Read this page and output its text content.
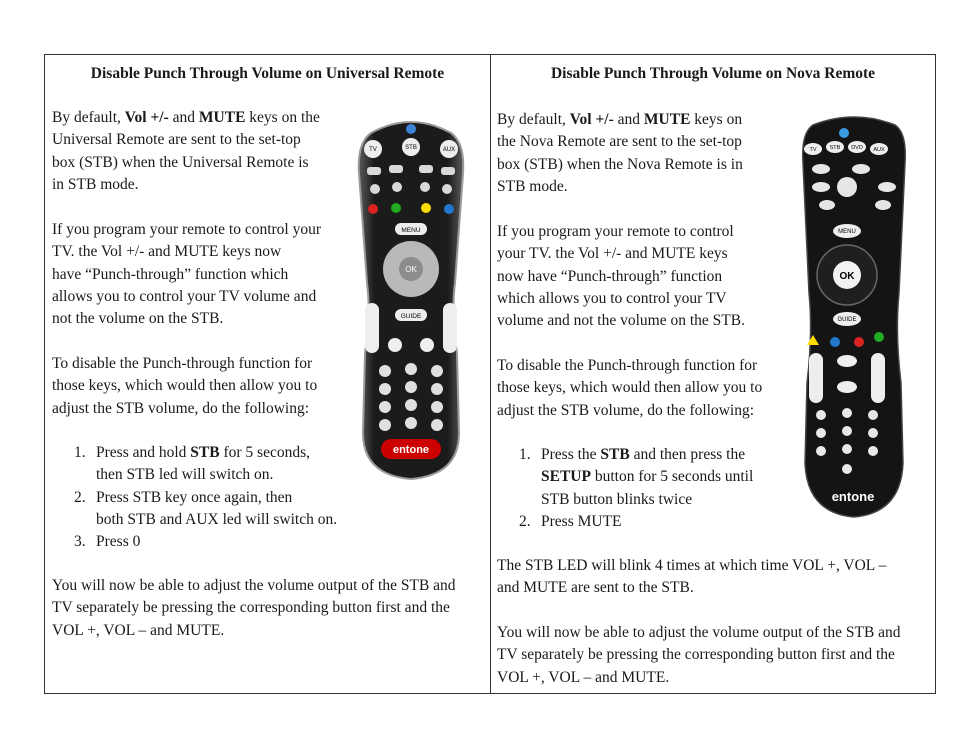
Disable Punch Through Volume on Universal Remote
By default, Vol +/- and MUTE keys on the
Universal Remote are sent to the set-top
box (STB) when the Universal Remote is
in STB mode.
If you program your remote to control your
TV. the Vol +/- and MUTE keys now
have “Punch-through” function which
allows you to control your TV volume and
not the volume on the STB.
To disable the Punch-through function for
those keys, which would then allow you to
adjust the STB volume, do the following:
1. Press and hold STB for 5 seconds,
then STB led will switch on.
2. Press STB key once again, then
both STB and AUX led will switch on.
3. Press 0
You will now be able to adjust the volume output of the STB and
TV separately be pressing the corresponding button first and the
VOL +, VOL – and MUTE.
TV	STB	AUX
MENU
OK
GUIDE
entone
Disable Punch Through Volume on Nova Remote
By default, Vol +/- and MUTE keys on
the Nova Remote are sent to the set-top
box (STB) when the Nova Remote is in
STB mode.
If you program your remote to control
your TV. the Vol +/- and MUTE keys
now have “Punch-through” function
which allows you to control your TV
volume and not the volume on the STB.
To disable the Punch-through function for
those keys, which would then allow you to
adjust the STB volume, do the following:
1. Press the STB and then press the
SETUP button for 5 seconds until
STB button blinks twice
2. Press MUTE
The STB LED will blink 4 times at which time VOL +, VOL –
and MUTE are sent to the STB.
You will now be able to adjust the volume output of the STB and
TV separately be pressing the corresponding button first and the
VOL +, VOL – and MUTE.
TV STB DVD AUX
MENU
OK
GUIDE
entone
